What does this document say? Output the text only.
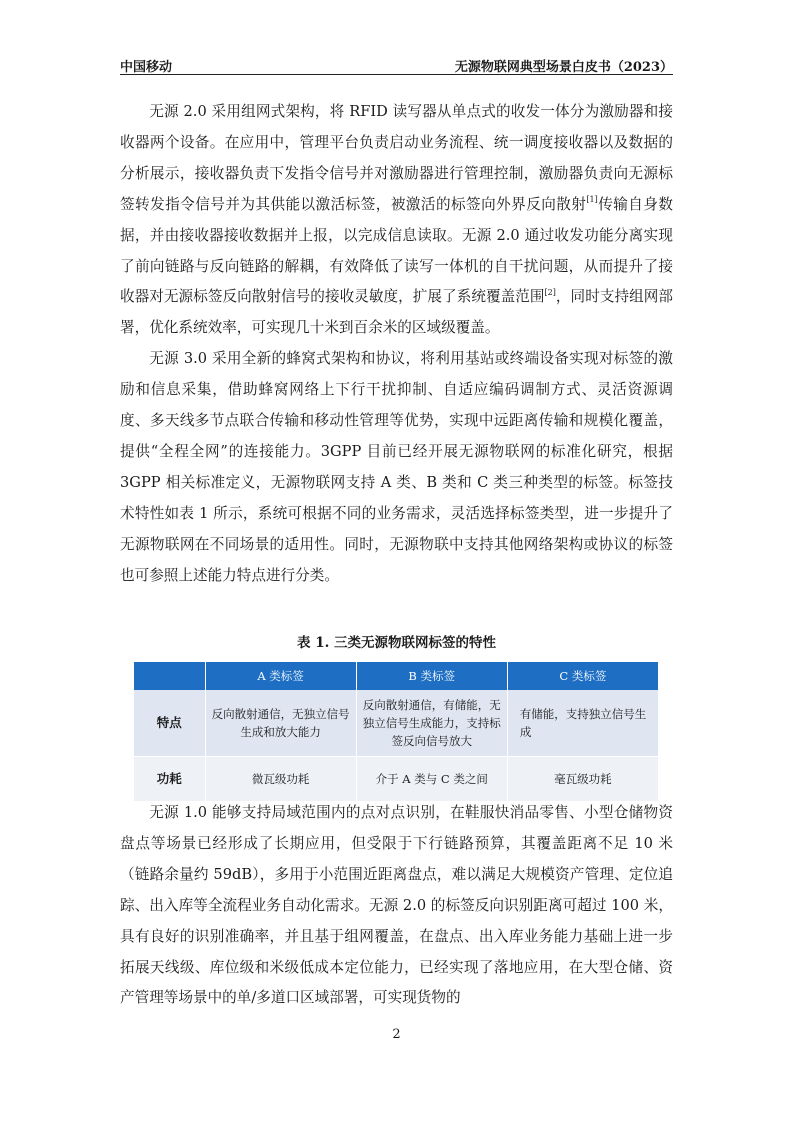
中国移动	无源物联网典型场景白皮书（2023）

无源 2.0 采用组网式架构，将 RFID 读写器从单点式的收发一体分为激励器和接收器两个设备。在应用中，管理平台负责启动业务流程、统一调度接收器以及数据的分析展示，接收器负责下发指令信号并对激励器进行管理控制，激励器负责向无源标签转发指令信号并为其供能以激活标签，被激活的标签向外界反向散射[1]传输自身数据，并由接收器接收数据并上报，以完成信息读取。无源 2.0 通过收发功能分离实现了前向链路与反向链路的解耦，有效降低了读写一体机的自干扰问题，从而提升了接收器对无源标签反向散射信号的接收灵敏度，扩展了系统覆盖范围[2]，同时支持组网部署，优化系统效率，可实现几十米到百余米的区域级覆盖。

无源 3.0 采用全新的蜂窝式架构和协议，将利用基站或终端设备实现对标签的激励和信息采集，借助蜂窝网络上下行干扰抑制、自适应编码调制方式、灵活资源调度、多天线多节点联合传输和移动性管理等优势，实现中远距离传输和规模化覆盖，提供“全程全网”的连接能力。3GPP 目前已经开展无源物联网的标准化研究，根据 3GPP 相关标准定义，无源物联网支持 A 类、B 类和 C 类三种类型的标签。标签技术特性如表 1 所示，系统可根据不同的业务需求，灵活选择标签类型，进一步提升了无源物联网在不同场景的适用性。同时，无源物联中支持其他网络架构或协议的标签也可参照上述能力特点进行分类。

表 1. 三类无源物联网标签的特性
	A 类标签	B 类标签	C 类标签
特点	反向散射通信，无独立信号生成和放大能力	反向散射通信，有储能，无独立信号生成能力，支持标签反向信号放大	有储能，支持独立信号生成
功耗	微瓦级功耗	介于 A 类与 C 类之间	毫瓦级功耗

无源 1.0 能够支持局域范围内的点对点识别，在鞋服快消品零售、小型仓储物资盘点等场景已经形成了长期应用，但受限于下行链路预算，其覆盖距离不足 10 米（链路余量约 59dB），多用于小范围近距离盘点，难以满足大规模资产管理、定位追踪、出入库等全流程业务自动化需求。无源 2.0 的标签反向识别距离可超过 100 米，具有良好的识别准确率，并且基于组网覆盖，在盘点、出入库业务能力基础上进一步拓展天线级、库位级和米级低成本定位能力，已经实现了落地应用，在大型仓储、资产管理等场景中的单/多道口区域部署，可实现货物的

2
